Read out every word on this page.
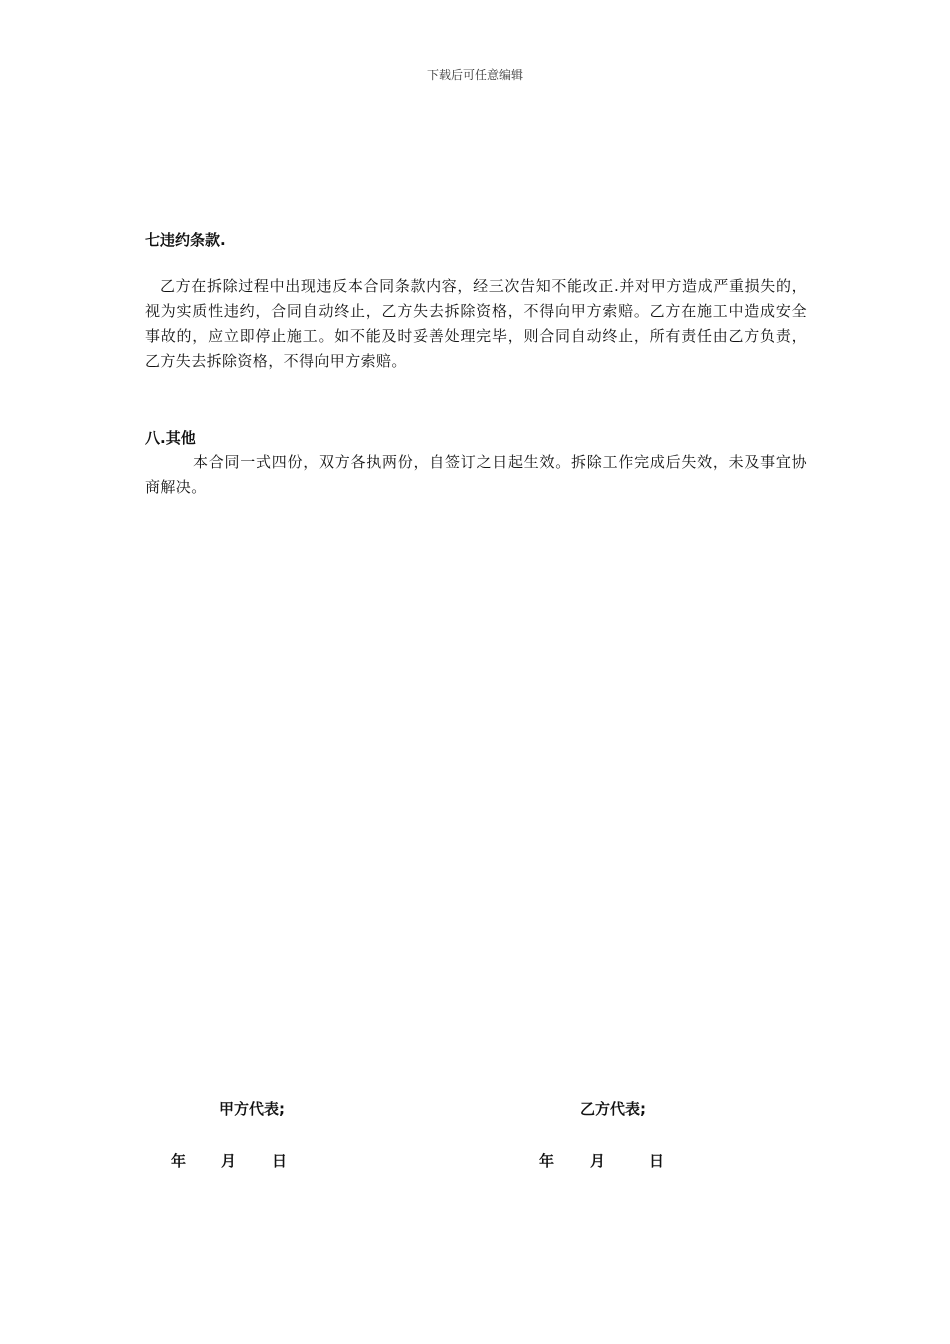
下载后可任意编辑
七违约条款.
乙方在拆除过程中出现违反本合同条款内容，经三次告知不能改正.并对甲方造成严重损失的，视为实质性违约，合同自动终止，乙方失去拆除资格，不得向甲方索赔。乙方在施工中造成安全事故的，应立即停止施工。如不能及时妥善处理完毕，则合同自动终止，所有责任由乙方负责，乙方失去拆除资格，不得向甲方索赔。
八.其他
本合同一式四份，双方各执两份，自签订之日起生效。拆除工作完成后失效，未及事宜协商解决。
甲方代表;	乙方代表;
年 月 日	年 月	日
